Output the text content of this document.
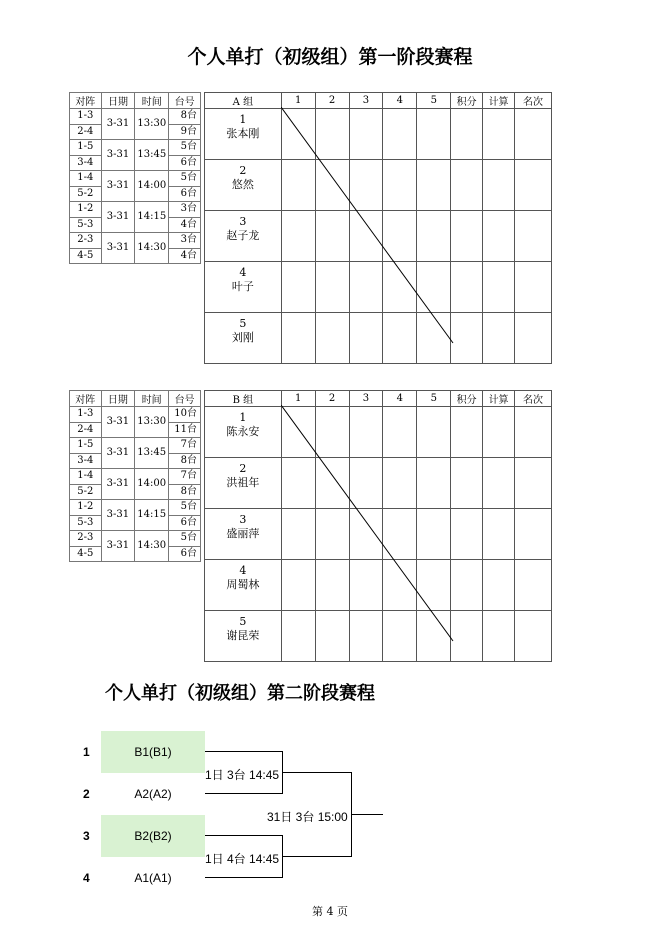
个人单打（初级组）第一阶段赛程
对阵	日期	时间	台号
1-3	3-31	13:30	8台
2-4			9台
1-5	3-31	13:45	5台
3-4			6台
1-4	3-31	14:00	5台
5-2			6台
1-2	3-31	14:15	3台
5-3			4台
2-3	3-31	14:30	3台
4-5			4台
A 组	1	2	3	4	5	积分	计算	名次

1
张本刚								

2
悠然								

3
赵子龙								

4
叶子								

5
刘刚								

对阵	日期	时间	台号
1-3	3-31	13:30	10台
2-4			11台
1-5	3-31	13:45	7台
3-4			8台
1-4	3-31	14:00	7台
5-2			8台
1-2	3-31	14:15	5台
5-3			6台
2-3	3-31	14:30	5台
4-5			6台
B 组	1	2	3	4	5	积分	计算	名次

1
陈永安								

2
洪祖年								

3
盛丽萍								

4
周蜀林								

5
谢昆荣								

个人单打（初级组）第二阶段赛程
1
2
3
4
B1(B1)
A2(A2)
B2(B2)
A1(A1)
1日 3台 14:45
1日 4台 14:45
31日 3台 15:00
第 4 页
